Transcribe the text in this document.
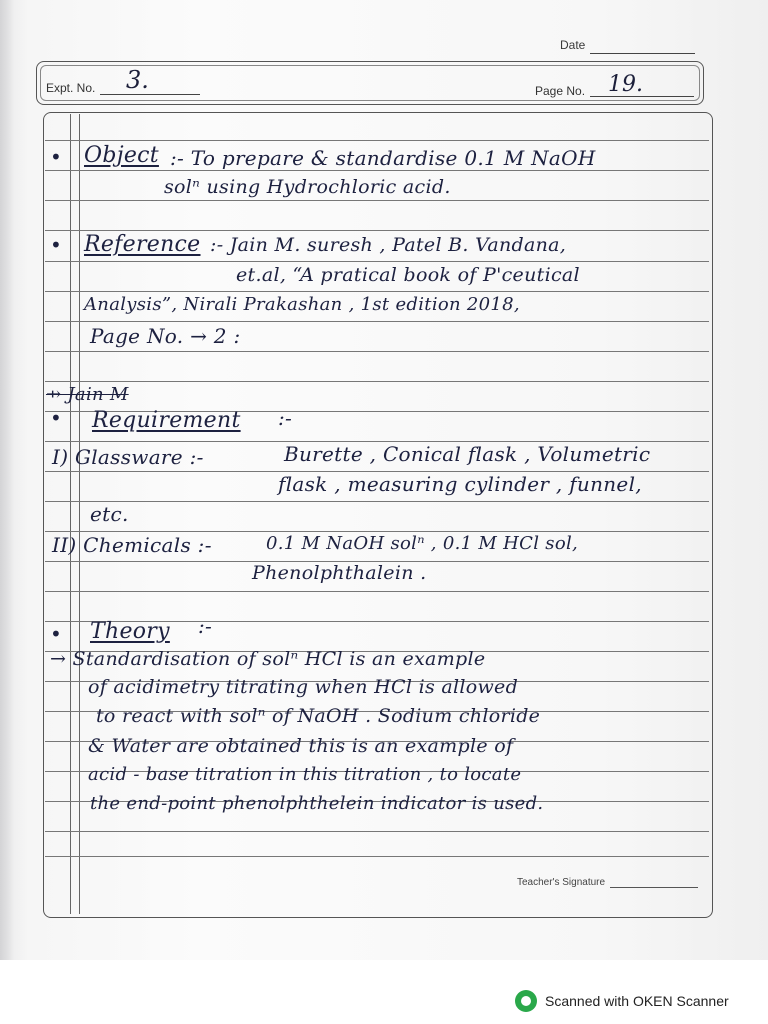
Date
Expt. No. 3.	Page No. 19.
• Object :- To prepare & standardise 0.1 M NaOH
solⁿ using Hydrochloric acid.
• Reference :- Jain M. suresh , Patel B. Vandana,
et.al, “A pratical book of P'ceutical
Analysis”, Nirali Prakashan , 1st edition 2018,
Page No. → 2 :
⇸ Jain M
• Requirement :-
I) Glassware :-	Burette , Conical flask , Volumetric
flask , measuring cylinder , funnel,
etc.
II) Chemicals :-	0.1 M NaOH solⁿ , 0.1 M HCl sol,
Phenolphthalein .
• Theory :-
→ Standardisation of solⁿ HCl is an example
of acidimetry titrating when HCl is allowed
to react with solⁿ of NaOH . Sodium chloride
& Water are obtained this is an example of
acid - base titration in this titration , to locate
the end-point phenolphthelein indicator is used.
Teacher's Signature
Scanned with OKEN Scanner
